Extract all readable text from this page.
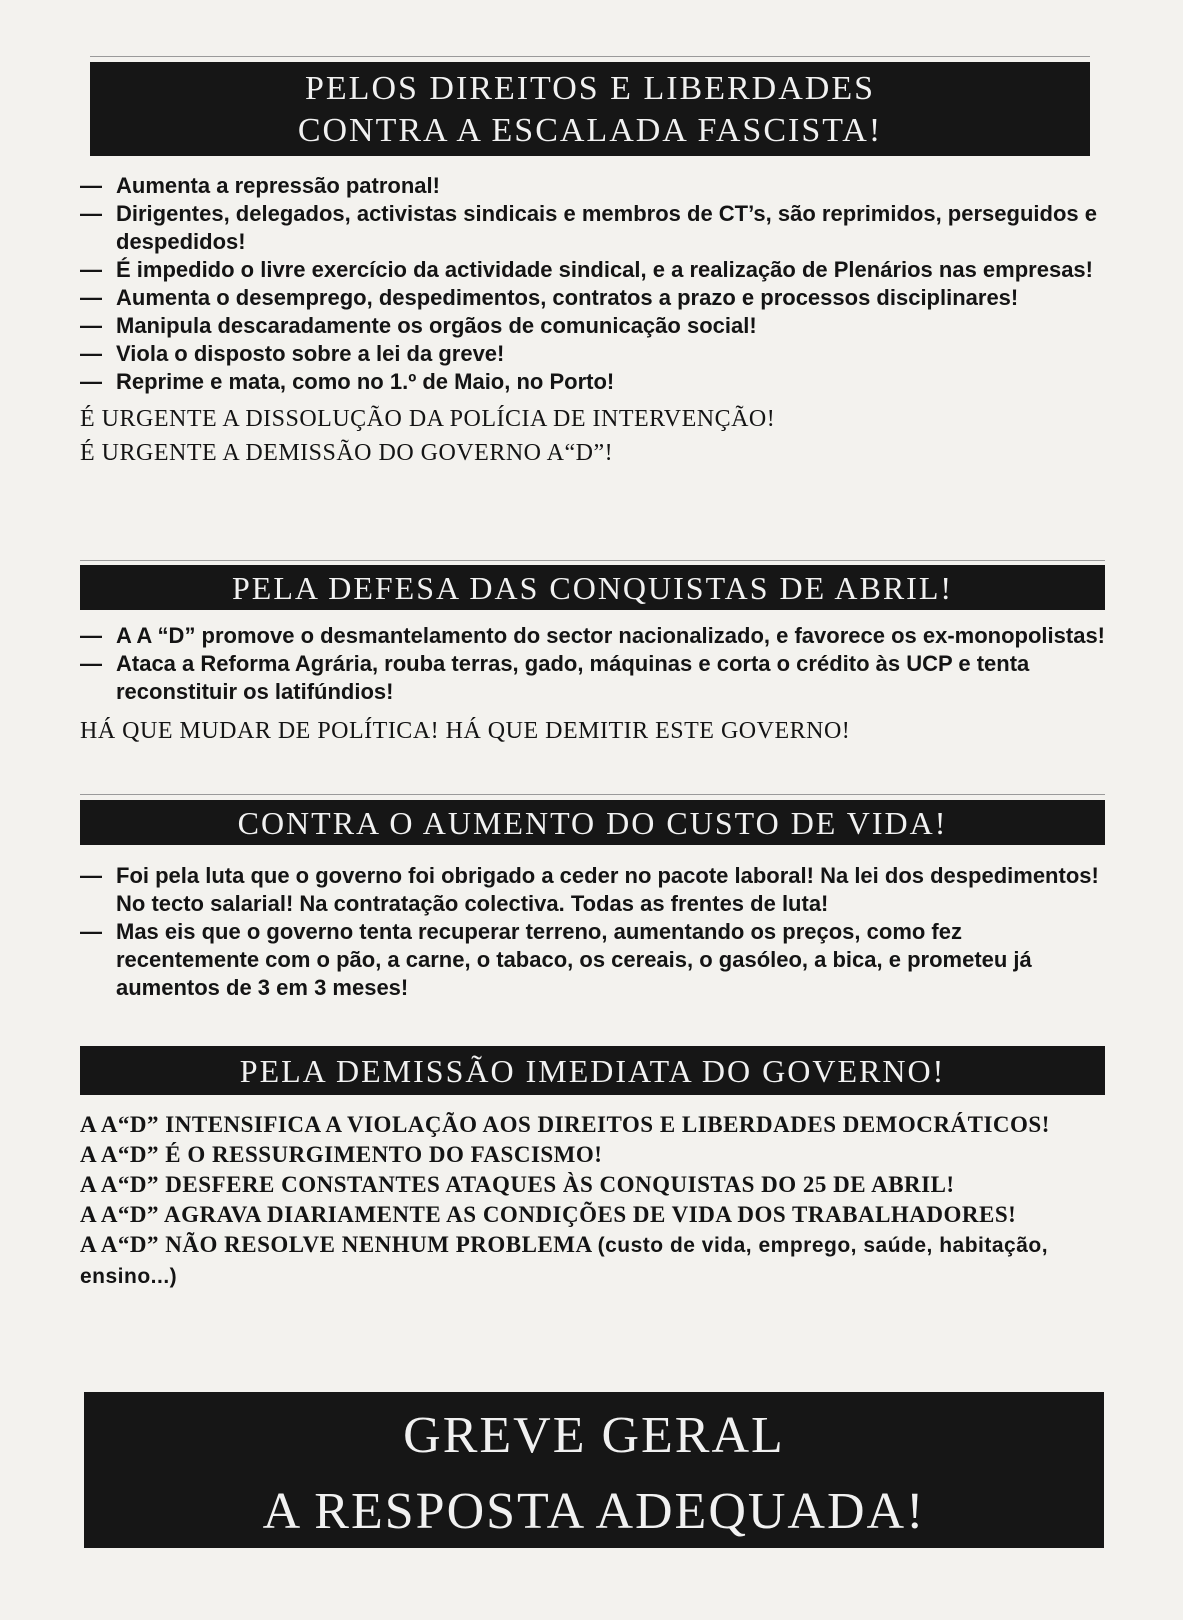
PELOS DIREITOS E LIBERDADES
CONTRA A ESCALADA FASCISTA!
— Aumenta a repressão patronal!
— Dirigentes, delegados, activistas sindicais e membros de CT’s, são reprimidos, perseguidos e despedidos!
— É impedido o livre exercício da actividade sindical, e a realização de Plenários nas empresas!
— Aumenta o desemprego, despedimentos, contratos a prazo e processos disciplinares!
— Manipula descaradamente os orgãos de comunicação social!
— Viola o disposto sobre a lei da greve!
— Reprime e mata, como no 1.º de Maio, no Porto!
É URGENTE A DISSOLUÇÃO DA POLÍCIA DE INTERVENÇÃO!
É URGENTE A DEMISSÃO DO GOVERNO A“D”!
PELA DEFESA DAS CONQUISTAS DE ABRIL!
— A A “D” promove o desmantelamento do sector nacionalizado, e favorece os ex-monopolistas!
— Ataca a Reforma Agrária, rouba terras, gado, máquinas e corta o crédito às UCP e tenta reconstituir os latifúndios!
HÁ QUE MUDAR DE POLÍTICA! HÁ QUE DEMITIR ESTE GOVERNO!
CONTRA O AUMENTO DO CUSTO DE VIDA!
— Foi pela luta que o governo foi obrigado a ceder no pacote laboral! Na lei dos despedimentos! No tecto salarial! Na contratação colectiva. Todas as frentes de luta!
— Mas eis que o governo tenta recuperar terreno, aumentando os preços, como fez recentemente com o pão, a carne, o tabaco, os cereais, o gasóleo, a bica, e prometeu já aumentos de 3 em 3 meses!
PELA DEMISSÃO IMEDIATA DO GOVERNO!
A A“D” INTENSIFICA A VIOLAÇÃO AOS DIREITOS E LIBERDADES DEMOCRÁTICOS!
A A“D” É O RESSURGIMENTO DO FASCISMO!
A A“D” DESFERE CONSTANTES ATAQUES ÀS CONQUISTAS DO 25 DE ABRIL!
A A“D” AGRAVA DIARIAMENTE AS CONDIÇÕES DE VIDA DOS TRABALHADORES!
A A“D” NÃO RESOLVE NENHUM PROBLEMA (custo de vida, emprego, saúde, habitação, ensino...)
GREVE GERAL
A RESPOSTA ADEQUADA!
